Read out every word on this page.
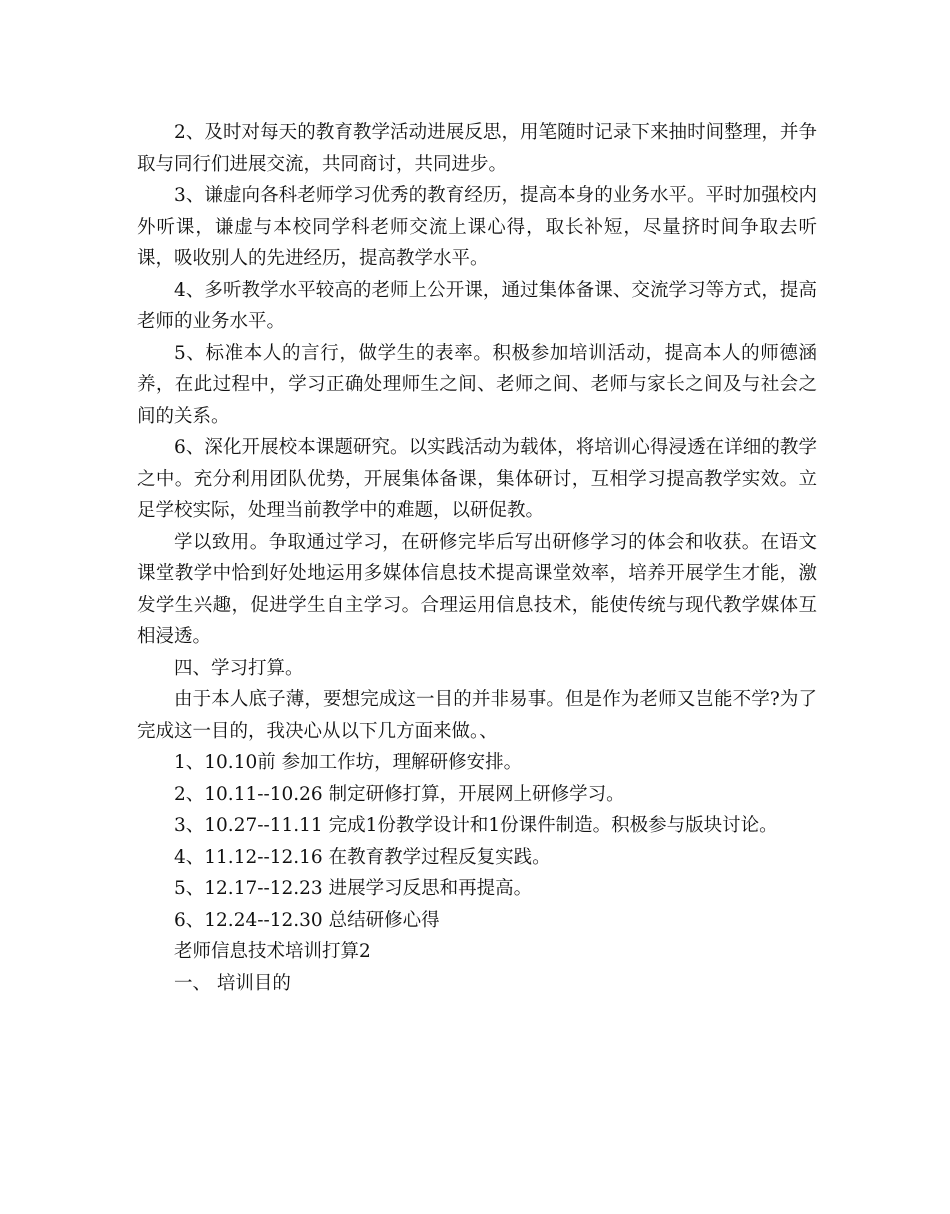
2、及时对每天的教育教学活动进展反思，用笔随时记录下来抽时间整理，并争取与同行们进展交流，共同商讨，共同进步。

3、谦虚向各科老师学习优秀的教育经历，提高本身的业务水平。平时加强校内外听课，谦虚与本校同学科老师交流上课心得，取长补短，尽量挤时间争取去听课，吸收别人的先进经历，提高教学水平。

4、多听教学水平较高的老师上公开课，通过集体备课、交流学习等方式，提高老师的业务水平。

5、标准本人的言行，做学生的表率。积极参加培训活动，提高本人的师德涵养，在此过程中，学习正确处理师生之间、老师之间、老师与家长之间及与社会之间的关系。

6、深化开展校本课题研究。以实践活动为载体，将培训心得浸透在详细的教学之中。充分利用团队优势，开展集体备课，集体研讨，互相学习提高教学实效。立足学校实际，处理当前教学中的难题，以研促教。

学以致用。争取通过学习，在研修完毕后写出研修学习的体会和收获。在语文课堂教学中恰到好处地运用多媒体信息技术提高课堂效率，培养开展学生才能，激发学生兴趣，促进学生自主学习。合理运用信息技术，能使传统与现代教学媒体互相浸透。

四、学习打算。

由于本人底子薄，要想完成这一目的并非易事。但是作为老师又岂能不学?为了完成这一目的，我决心从以下几方面来做。、

1、10.10前 参加工作坊，理解研修安排。

2、10.11--10.26 制定研修打算，开展网上研修学习。

3、10.27--11.11 完成1份教学设计和1份课件制造。积极参与版块讨论。

4、11.12--12.16 在教育教学过程反复实践。

5、12.17--12.23 进展学习反思和再提高。

6、12.24--12.30 总结研修心得

老师信息技术培训打算2

一、 培训目的
